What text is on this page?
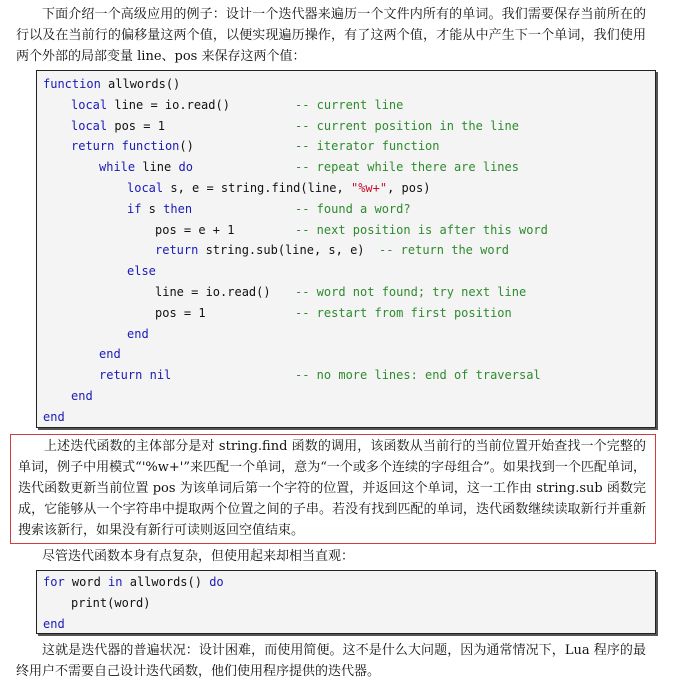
下面介绍一个高级应用的例子：设计一个迭代器来遍历一个文件内所有的单词。我们需要保存当前所在的行以及在当前行的偏移量这两个值，以便实现遍历操作，有了这两个值，才能从中产生下一个单词，我们使用两个外部的局部变量 line、pos 来保存这两个值：
function allwords()
local line = io.read()	-- current line
local pos = 1	-- current position in the line
return function()	-- iterator function
while line do	-- repeat while there are lines
local s, e = string.find(line, "%w+", pos)
if s then	-- found a word?
pos = e + 1	-- next position is after this word
return string.sub(line, s, e)  -- return the word
else
line = io.read() -- word not found; try next line
pos = 1	-- restart from first position
end
end
return nil	-- no more lines: end of traversal
end
end
上述迭代函数的主体部分是对 string.find 函数的调用，该函数从当前行的当前位置开始查找一个完整的单词，例子中用模式“'%w+'”来匹配一个单词，意为“一个或多个连续的字母组合”。如果找到一个匹配单词，迭代函数更新当前位置 pos 为该单词后第一个字符的位置，并返回这个单词，这一工作由 string.sub 函数完成，它能够从一个字符串中提取两个位置之间的子串。若没有找到匹配的单词，迭代函数继续读取新行并重新搜索该新行，如果没有新行可读则返回空值结束。
尽管迭代函数本身有点复杂，但使用起来却相当直观：
for word in allwords() do
print(word)
end
这就是迭代器的普遍状况：设计困难，而使用简便。这不是什么大问题，因为通常情况下，Lua 程序的最终用户不需要自己设计迭代函数，他们使用程序提供的迭代器。
